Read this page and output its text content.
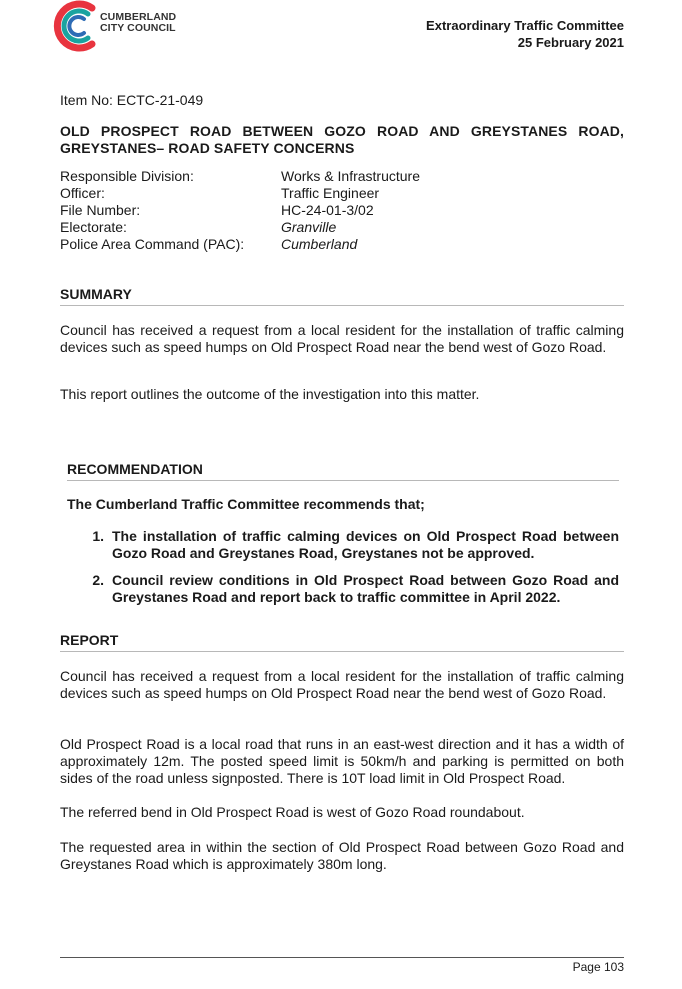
CUMBERLAND
CITY COUNCIL	Extraordinary Traffic Committee
25 February 2021

Item No: ECTC-21-049

OLD PROSPECT ROAD BETWEEN GOZO ROAD AND GREYSTANES ROAD, GREYSTANES– ROAD SAFETY CONCERNS

Responsible Division:	Works & Infrastructure
Officer:	Traffic Engineer
File Number:	HC-24-01-3/02
Electorate:	Granville
Police Area Command (PAC):	Cumberland
SUMMARY

Council has received a request from a local resident for the installation of traffic calming devices such as speed humps on Old Prospect Road near the bend west of Gozo Road.

This report outlines the outcome of the investigation into this matter.

RECOMMENDATION

The Cumberland Traffic Committee recommends that;

1. The installation of traffic calming devices on Old Prospect Road between Gozo Road and Greystanes Road, Greystanes not be approved.
2. Council review conditions in Old Prospect Road between Gozo Road and Greystanes Road and report back to traffic committee in April 2022.
REPORT

Council has received a request from a local resident for the installation of traffic calming devices such as speed humps on Old Prospect Road near the bend west of Gozo Road.

Old Prospect Road is a local road that runs in an east-west direction and it has a width of approximately 12m. The posted speed limit is 50km/h and parking is permitted on both sides of the road unless signposted. There is 10T load limit in Old Prospect Road.

The referred bend in Old Prospect Road is west of Gozo Road roundabout.

The requested area in within the section of Old Prospect Road between Gozo Road and Greystanes Road which is approximately 380m long.

Page 103
